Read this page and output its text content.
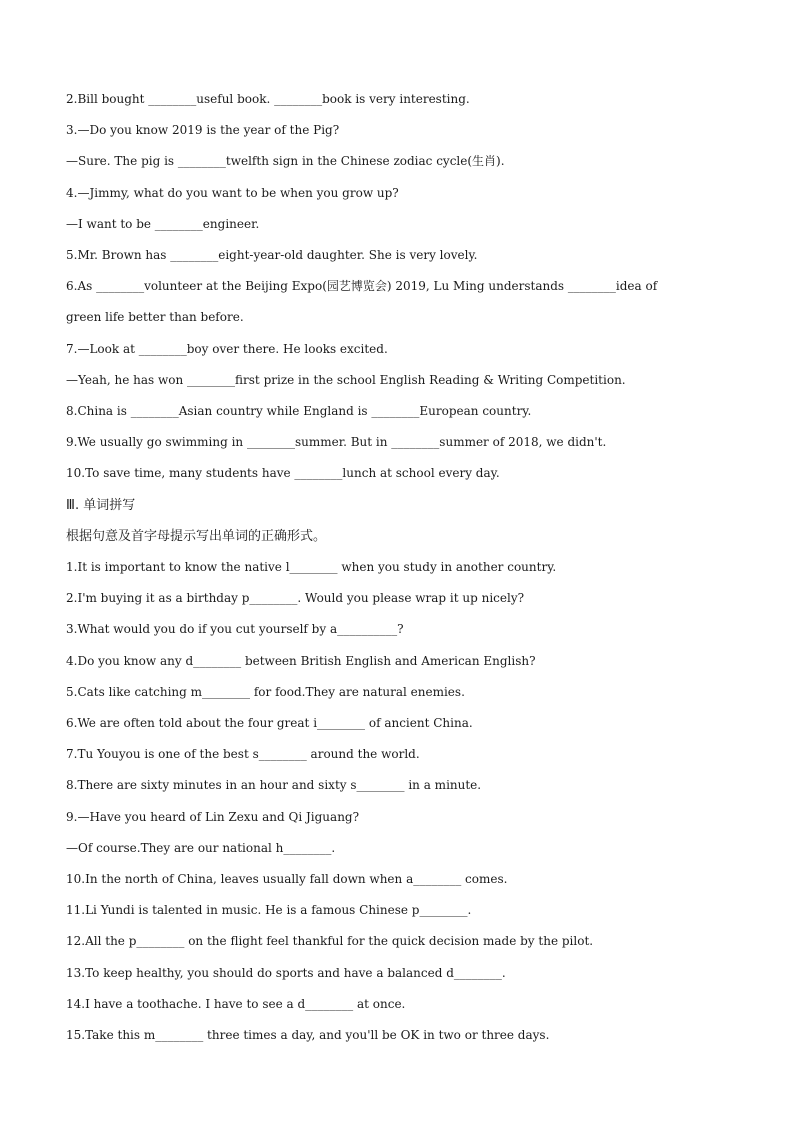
2.Bill bought ________useful book. ________book is very interesting.
3.—Do you know 2019 is the year of the Pig?
—Sure. The pig is ________twelfth sign in the Chinese zodiac cycle(生肖).
4.—Jimmy, what do you want to be when you grow up?
—I want to be ________engineer.
5.Mr. Brown has ________eight-year-old daughter. She is very lovely.
6.As ________volunteer at the Beijing Expo(园艺博览会) 2019, Lu Ming understands ________idea of
green life better than before.
7.—Look at ________boy over there. He looks excited.
—Yeah, he has won ________first prize in the school English Reading & Writing Competition.
8.China is ________Asian country while England is ________European country.
9.We usually go swimming in ________summer. But in ________summer of 2018, we didn't.
10.To save time, many students have ________lunch at school every day.
Ⅲ. 单词拼写
根据句意及首字母提示写出单词的正确形式。
1.It is important to know the native l________ when you study in another country.
2.I'm buying it as a birthday p________. Would you please wrap it up nicely?
3.What would you do if you cut yourself by a__________?
4.Do you know any d________ between British English and American English?
5.Cats like catching m________ for food.They are natural enemies.
6.We are often told about the four great i________ of ancient China.
7.Tu Youyou is one of the best s________ around the world.
8.There are sixty minutes in an hour and sixty s________ in a minute.
9.—Have you heard of Lin Zexu and Qi Jiguang?
—Of course.They are our national h________.
10.In the north of China, leaves usually fall down when a________ comes.
11.Li Yundi is talented in music. He is a famous Chinese p________.
12.All the p________ on the flight feel thankful for the quick decision made by the pilot.
13.To keep healthy, you should do sports and have a balanced d________.
14.I have a toothache. I have to see a d________ at once.
15.Take this m________ three times a day, and you'll be OK in two or three days.
